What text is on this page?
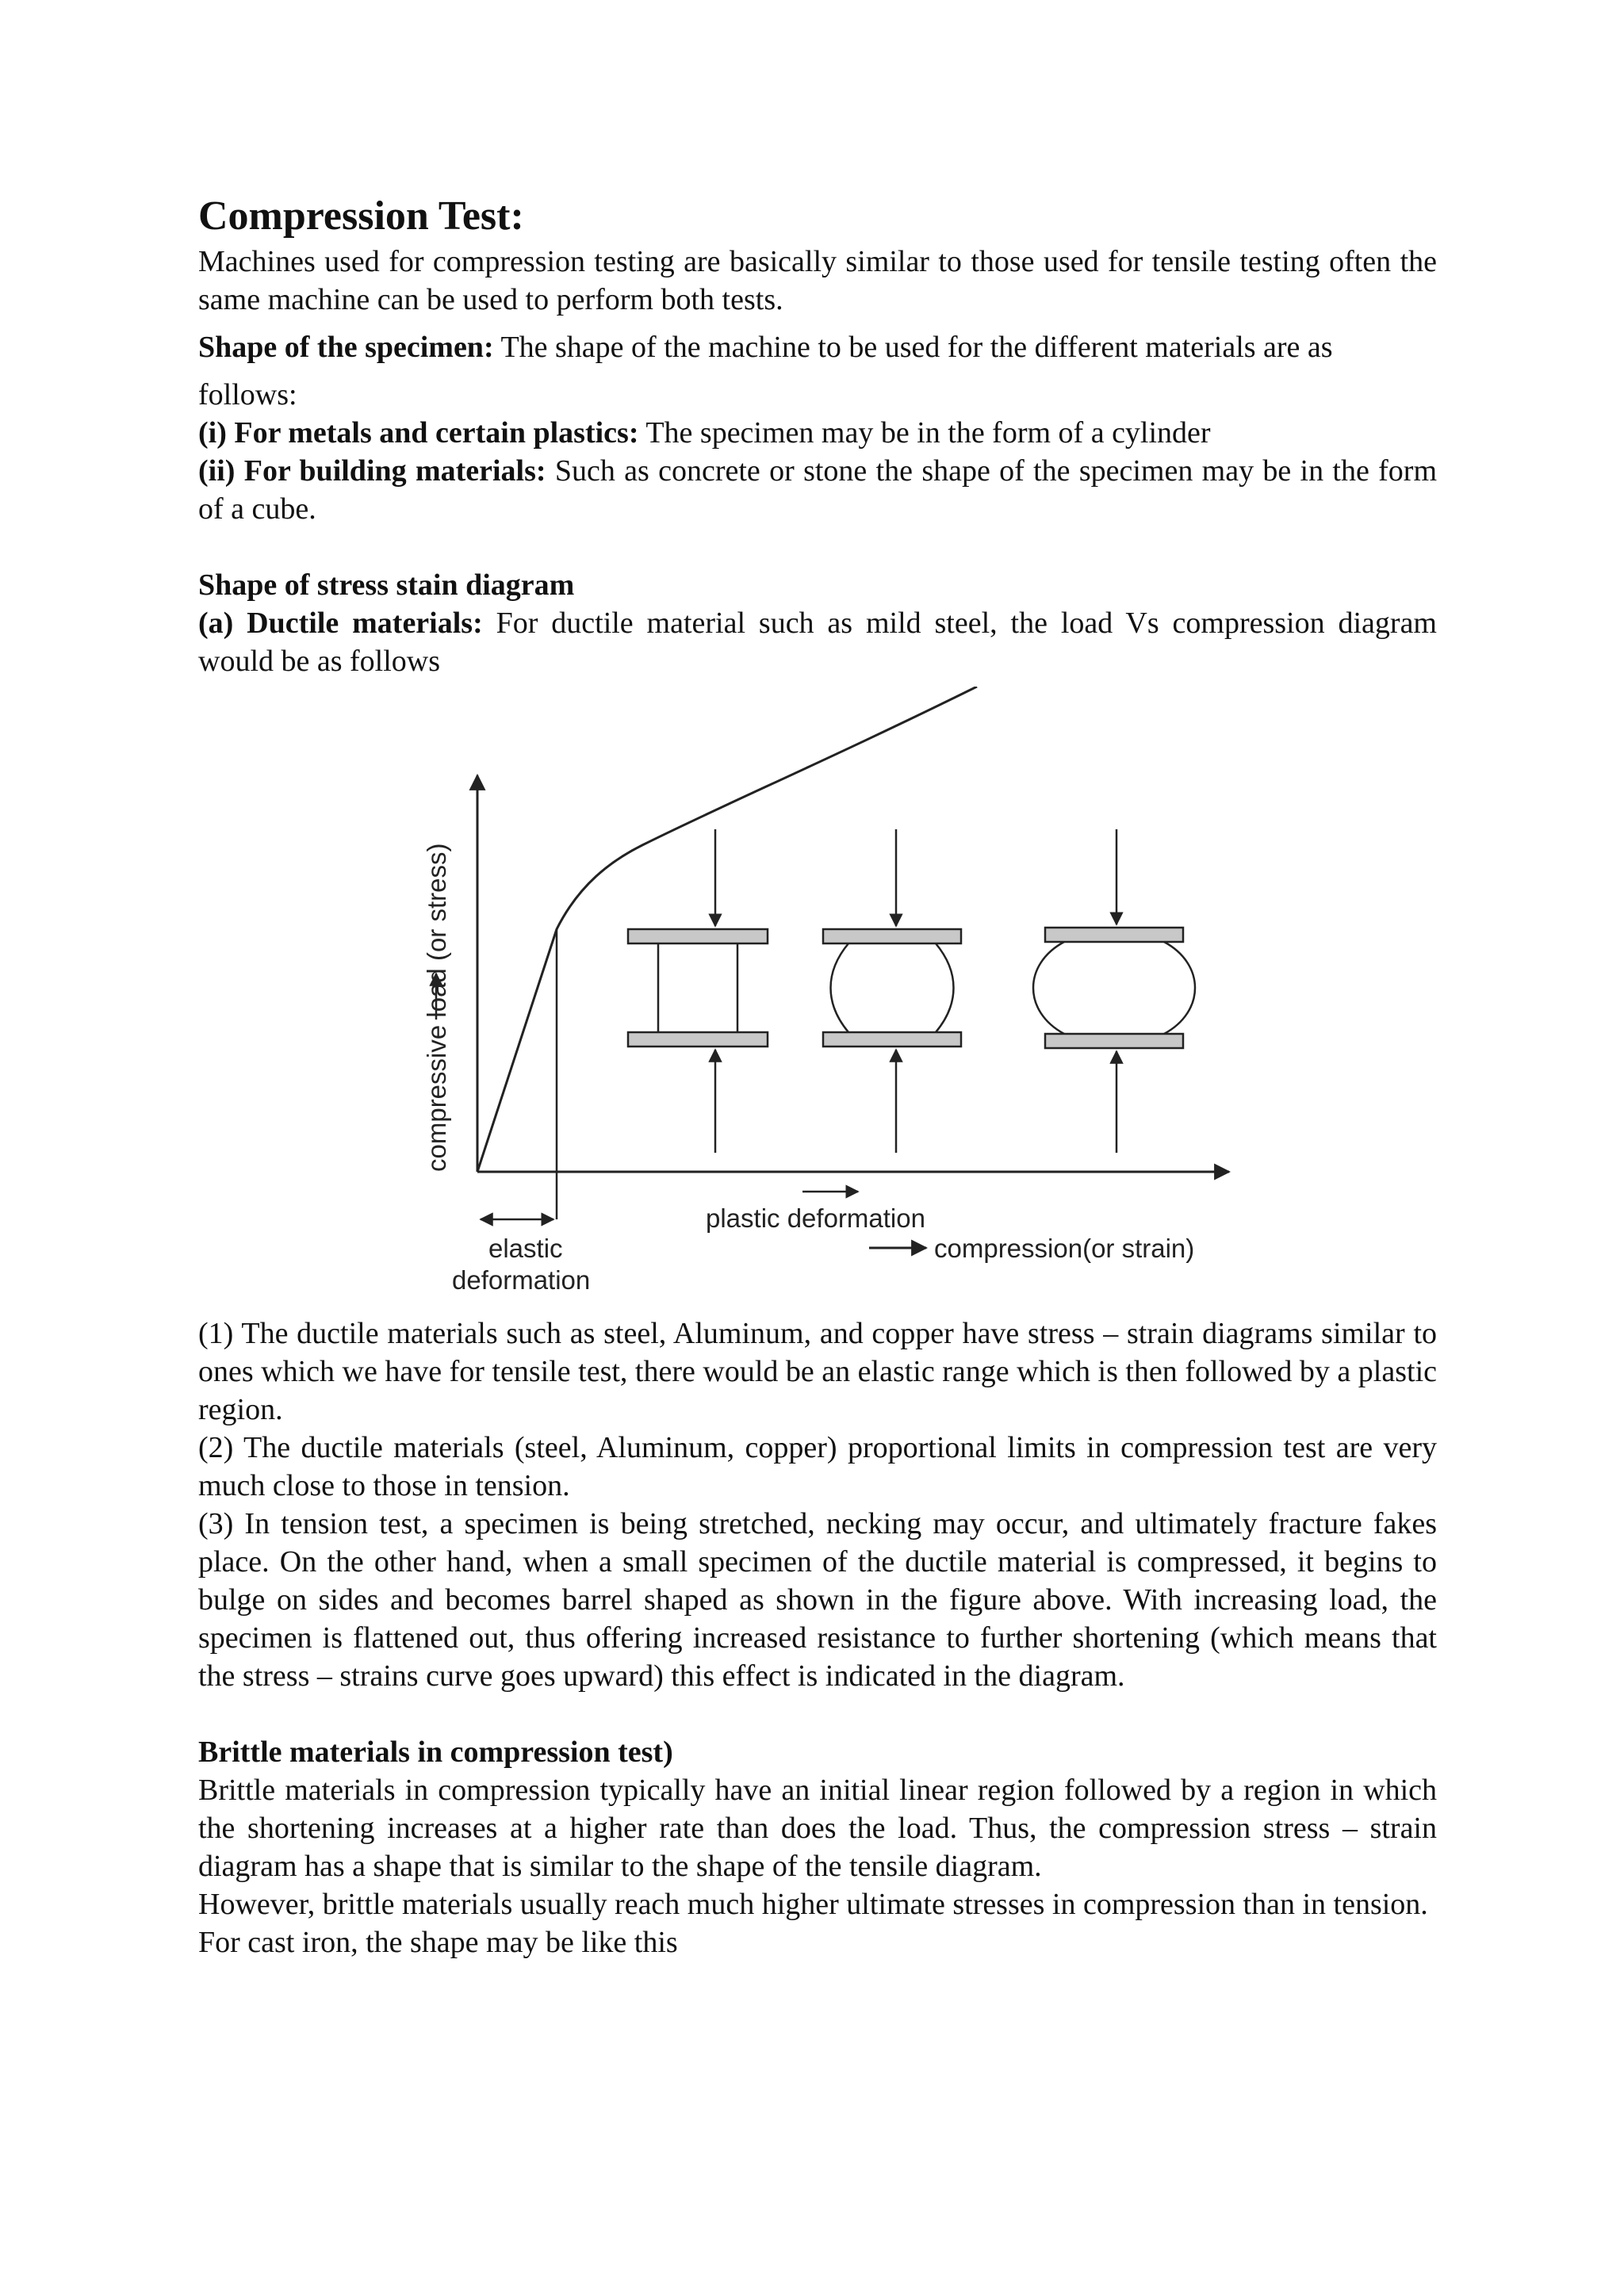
Compression Test:

Machines used for compression testing are basically similar to those used for tensile testing often the same machine can be used to perform both tests.

Shape of the specimen: The shape of the machine to be used for the different materials are as

follows:

(i) For metals and certain plastics: The specimen may be in the form of a cylinder

(ii) For building materials: Such as concrete or stone the shape of the specimen may be in the form of a cube.

Shape of stress stain diagram

(a) Ductile materials: For ductile material such as mild steel, the load Vs compression diagram would be as follows

compressive load (or stress)
elastic
deformation
plastic deformation
compression(or strain)

(1) The ductile materials such as steel, Aluminum, and copper have stress – strain diagrams similar to ones which we have for tensile test, there would be an elastic range which is then followed by a plastic region.

(2) The ductile materials (steel, Aluminum, copper) proportional limits in compression test are very much close to those in tension.

(3) In tension test, a specimen is being stretched, necking may occur, and ultimately fracture fakes place. On the other hand, when a small specimen of the ductile material is compressed, it begins to bulge on sides and becomes barrel shaped as shown in the figure above. With increasing load, the specimen is flattened out, thus offering increased resistance to further shortening (which means that the stress – strains curve goes upward) this effect is indicated in the diagram.

Brittle materials in compression test)

Brittle materials in compression typically have an initial linear region followed by a region in which the shortening increases at a higher rate than does the load. Thus, the compression stress – strain diagram has a shape that is similar to the shape of the tensile diagram.

However, brittle materials usually reach much higher ultimate stresses in compression than in tension.

For cast iron, the shape may be like this
